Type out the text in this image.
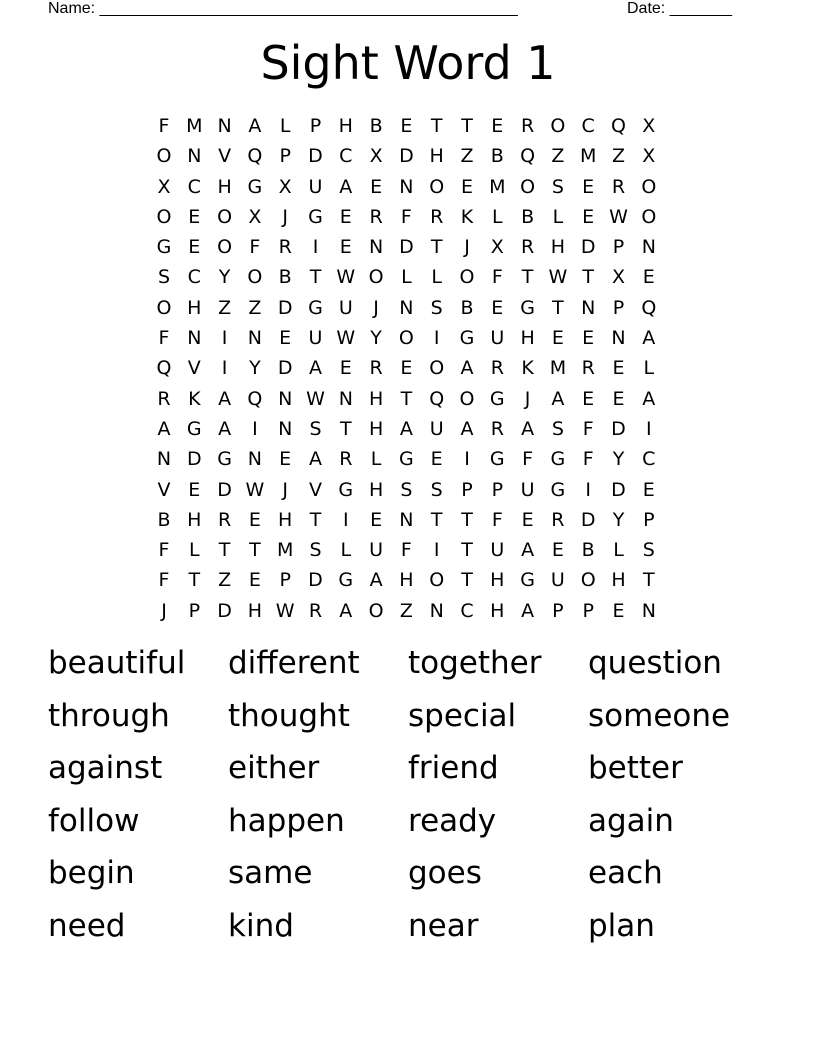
Name: _______________________________________________	Date: _______
Sight Word 1
F M N A L	P H B E T T E R O C Q X
O N V Q P D C X D H Z B Q Z M Z X
X C H G X U A E N O E M O S E R O
O E O X	J	G E R F R K L B L E W O
G E O F R	I	E N D T	J	X R H D P N
S C Y O B T W O L	L O F	T W T X E
O H Z Z D G U	J	N S B E G T N P Q
F N	I	N E U W Y O	I	G U H E E N A
Q V	I	Y D A E R E O A R K M R E	L
R K A Q N W N H T Q O G	J	A E E A
A G A	I	N S T H A U A R A S F D	I
N D G N E A R L G E	I	G F G F	Y C
V E D W J	V G H S S P P U G	I	D E
B H R E H T	I	E N T T	F E R D Y P
F	L	T T M S L U F	I	T U A E B L S
F	T Z E P D G A H O T H G U O H T
J	P D H W R A O Z N C H A P P E N
beautiful different together question
through thought special someone
against either	friend	better
follow	happen ready	again
begin	same	goes	each
need	kind	near	plan
